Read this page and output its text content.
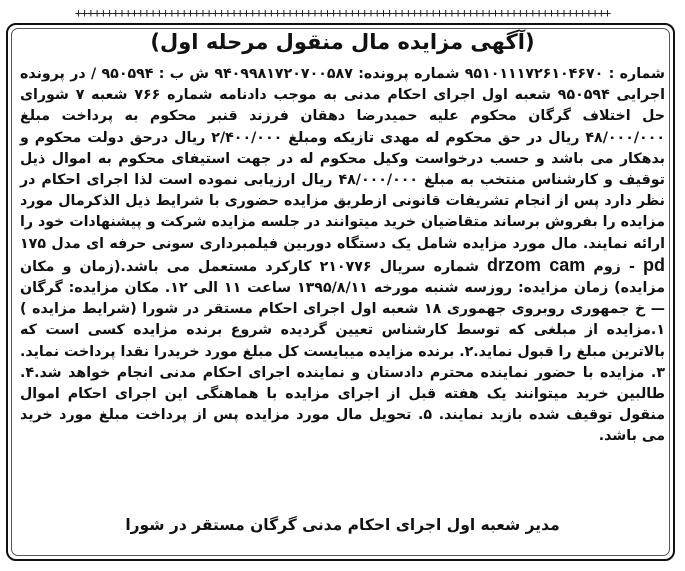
++++++++++++++++++++++++++++++++++++++++++++++++++++++++++++++++++++++++++++++++++++++
(آگهی مزایده مال منقول مرحله اول)

شماره : ۹۵۱۰۱۱۱۷۲۶۱۰۴۶۷۰ شماره پرونده: ۹۴۰۹۹۸۱۷۲۰۷۰۰۵۸۷ ش ب : ۹۵۰۵۹۴ / در پرونده اجرایی ۹۵۰۵۹۴ شعبه اول اجرای احکام مدنی به موجب دادنامه شماره ۷۶۶ شعبه ۷ شورای حل اختلاف گرگان محکوم علیه حمیدرضا دهقان فرزند قنبر محکوم به پرداخت مبلغ ۴۸/۰۰۰/۰۰۰ ریال در حق محکوم له مهدی تازیکه ومبلغ ۲/۴۰۰/۰۰۰ ریال درحق دولت محکوم و بدهکار می باشد و حسب درخواست وکیل محکوم له در جهت استیفای محکوم به اموال ذیل توقیف و کارشناس منتخب به مبلغ ۴۸/۰۰۰/۰۰۰ ریال ارزیابی نموده است لذا اجرای احکام در نظر دارد پس از انجام تشریفات قانونی ازطریق مزایده حضوری با شرایط ذیل الذکرمال مورد مزایده را بفروش برساند متقاضیان خرید میتوانند در جلسه مزایده شرکت و پیشنهادات خود را ارائه نمایند. مال مورد مزایده شامل یک دستگاه دوربین فیلمبرداری سونی حرفه ای مدل ۱۷۵ pd - زوم drzom cam شماره سریال ۲۱۰۷۷۶ کارکرد مستعمل می باشد.(زمان و مکان مزایده) زمان مزایده: روزسه شنبه مورخه ۱۳۹۵/۸/۱۱ ساعت ۱۱ الی ۱۲. مکان مزایده: گرگان — خ جمهوری روبروی جهموری ۱۸ شعبه اول اجرای احکام مستقر در شورا (شرایط مزایده ) ۱.مزایده از مبلغی که توسط کارشناس تعیین گردیده شروع برنده مزایده کسی است که بالاترین مبلغ را قبول نماید.۲. برنده مزایده میبایست کل مبلغ مورد خریدرا نقدا پرداخت نماید. ۳. مزایده با حضور نماینده محترم دادستان و نماینده اجرای احکام مدنی انجام خواهد شد.۴. طالبین خرید میتوانند یک هفته قبل از اجرای مزایده با هماهنگی این اجرای احکام اموال منقول توقیف شده بازید نمایند. ۵. تحویل مال مورد مزایده پس از پرداخت مبلغ مورد خرید می باشد.

مدیر شعبه اول اجرای احکام مدنی گرگان مستقر در شورا
